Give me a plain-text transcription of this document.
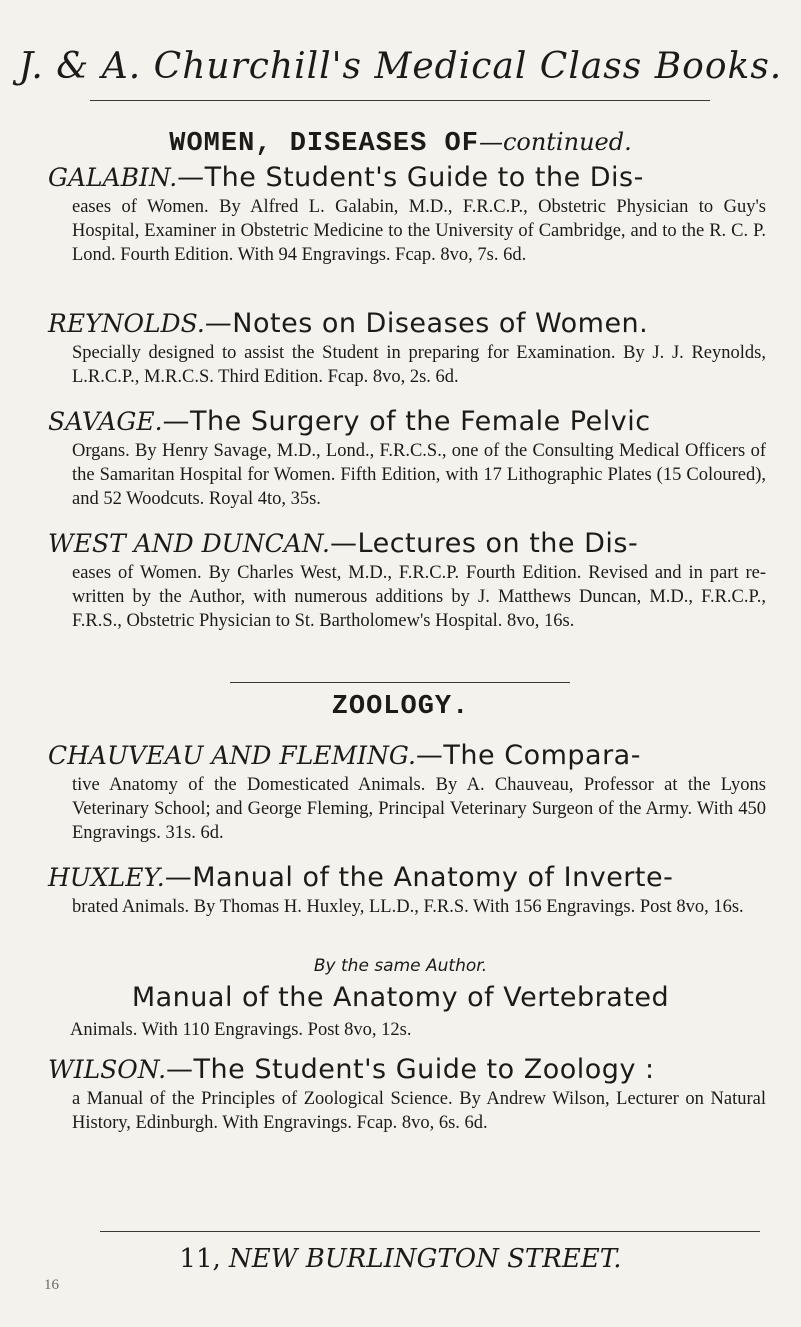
J. & A. Churchill's Medical Class Books.
WOMEN, DISEASES OF—continued.
GALABIN.—The Student's Guide to the Dis-
eases of Women. By Alfred L. Galabin, M.D., F.R.C.P., Obstetric Physician to Guy's Hospital, Examiner in Obstetric Medicine to the University of Cambridge, and to the R. C. P. Lond. Fourth Edition. With 94 Engravings. Fcap. 8vo, 7s. 6d.
REYNOLDS.—Notes on Diseases of Women.
Specially designed to assist the Student in preparing for Examination. By J. J. Reynolds, L.R.C.P., M.R.C.S. Third Edition. Fcap. 8vo, 2s. 6d.
SAVAGE.—The Surgery of the Female Pelvic
Organs. By Henry Savage, M.D., Lond., F.R.C.S., one of the Consulting Medical Officers of the Samaritan Hospital for Women. Fifth Edition, with 17 Lithographic Plates (15 Coloured), and 52 Woodcuts. Royal 4to, 35s.
WEST AND DUNCAN.—Lectures on the Dis-
eases of Women. By Charles West, M.D., F.R.C.P. Fourth Edition. Revised and in part re-written by the Author, with numerous additions by J. Matthews Duncan, M.D., F.R.C.P., F.R.S., Obstetric Physician to St. Bartholomew's Hospital. 8vo, 16s.
ZOOLOGY.
CHAUVEAU AND FLEMING.—The Compara-
tive Anatomy of the Domesticated Animals. By A. Chauveau, Professor at the Lyons Veterinary School; and George Fleming, Principal Veterinary Surgeon of the Army. With 450 Engravings. 31s. 6d.
HUXLEY.—Manual of the Anatomy of Inverte-
brated Animals. By Thomas H. Huxley, LL.D., F.R.S. With 156 Engravings. Post 8vo, 16s.
By the same Author.
Manual of the Anatomy of Vertebrated
Animals. With 110 Engravings. Post 8vo, 12s.
WILSON.—The Student's Guide to Zoology :
a Manual of the Principles of Zoological Science. By Andrew Wilson, Lecturer on Natural History, Edinburgh. With Engravings. Fcap. 8vo, 6s. 6d.
11, NEW BURLINGTON STREET.
16
